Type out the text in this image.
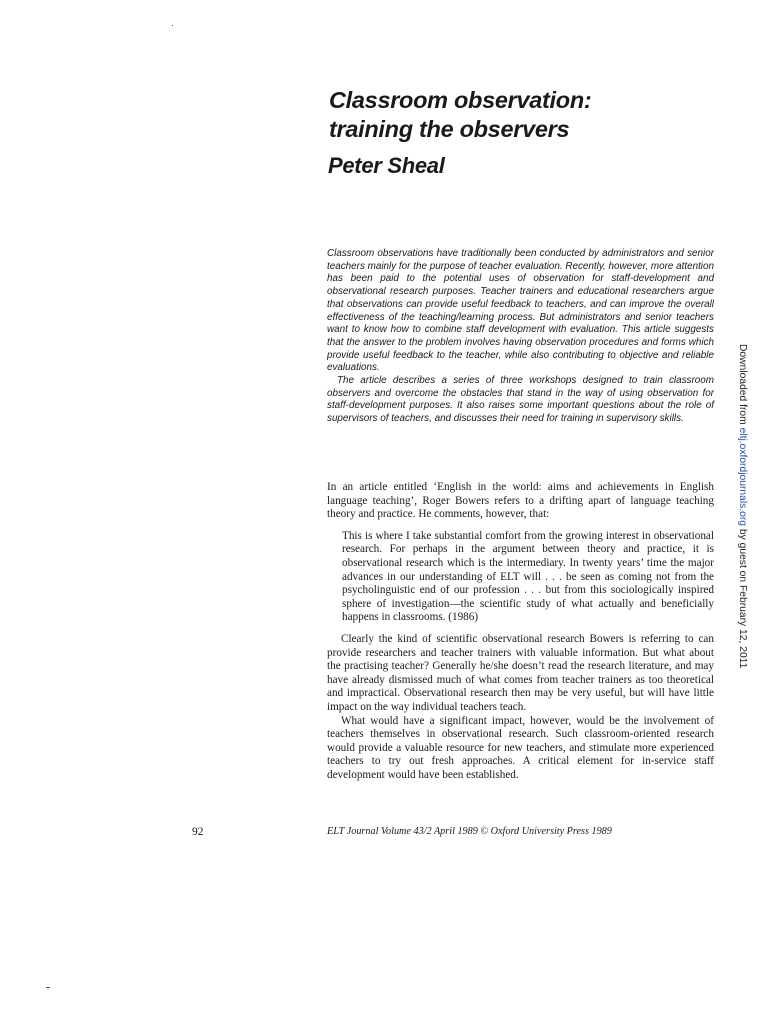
Classroom observation:
training the observers
Peter Sheal

Classroom observations have traditionally been conducted by administrators and senior teachers mainly for the purpose of teacher evaluation. Recently, however, more attention has been paid to the potential uses of observation for staff-development and observational research purposes. Teacher trainers and educational researchers argue that observations can provide useful feedback to teachers, and can improve the overall effectiveness of the teaching/learning process. But administrators and senior teachers want to know how to combine staff development with evaluation. This article suggests that the answer to the problem involves having observation procedures and forms which provide useful feedback to the teacher, while also contributing to objective and reliable evaluations.

The article describes a series of three workshops designed to train classroom observers and overcome the obstacles that stand in the way of using observation for staff-development purposes. It also raises some important questions about the role of supervisors of teachers, and discusses their need for training in supervisory skills.

In an article entitled ‘English in the world: aims and achievements in English language teaching’, Roger Bowers refers to a drifting apart of language teaching theory and practice. He comments, however, that:

This is where I take substantial comfort from the growing interest in observational research. For perhaps in the argument between theory and practice, it is observational research which is the intermediary. In twenty years’ time the major advances in our understanding of ELT will . . . be seen as coming not from the psycholinguistic end of our profession . . . but from this sociologically inspired sphere of investigation—the scientific study of what actually and beneficially happens in classrooms. (1986)

Clearly the kind of scientific observational research Bowers is referring to can provide researchers and teacher trainers with valuable information. But what about the practising teacher? Generally he/she doesn’t read the research literature, and may have already dismissed much of what comes from teacher trainers as too theoretical and impractical. Observational research then may be very useful, but will have little impact on the way individual teachers teach.

What would have a significant impact, however, would be the involvement of teachers themselves in observational research. Such classroom-oriented research would provide a valuable resource for new teachers, and stimulate more experienced teachers to try out fresh approaches. A critical element for in-service staff development would have been established.

92	ELT Journal Volume 43/2 April 1989 © Oxford University Press 1989
Downloaded from eltj.oxfordjournals.org by guest on February 12, 2011
